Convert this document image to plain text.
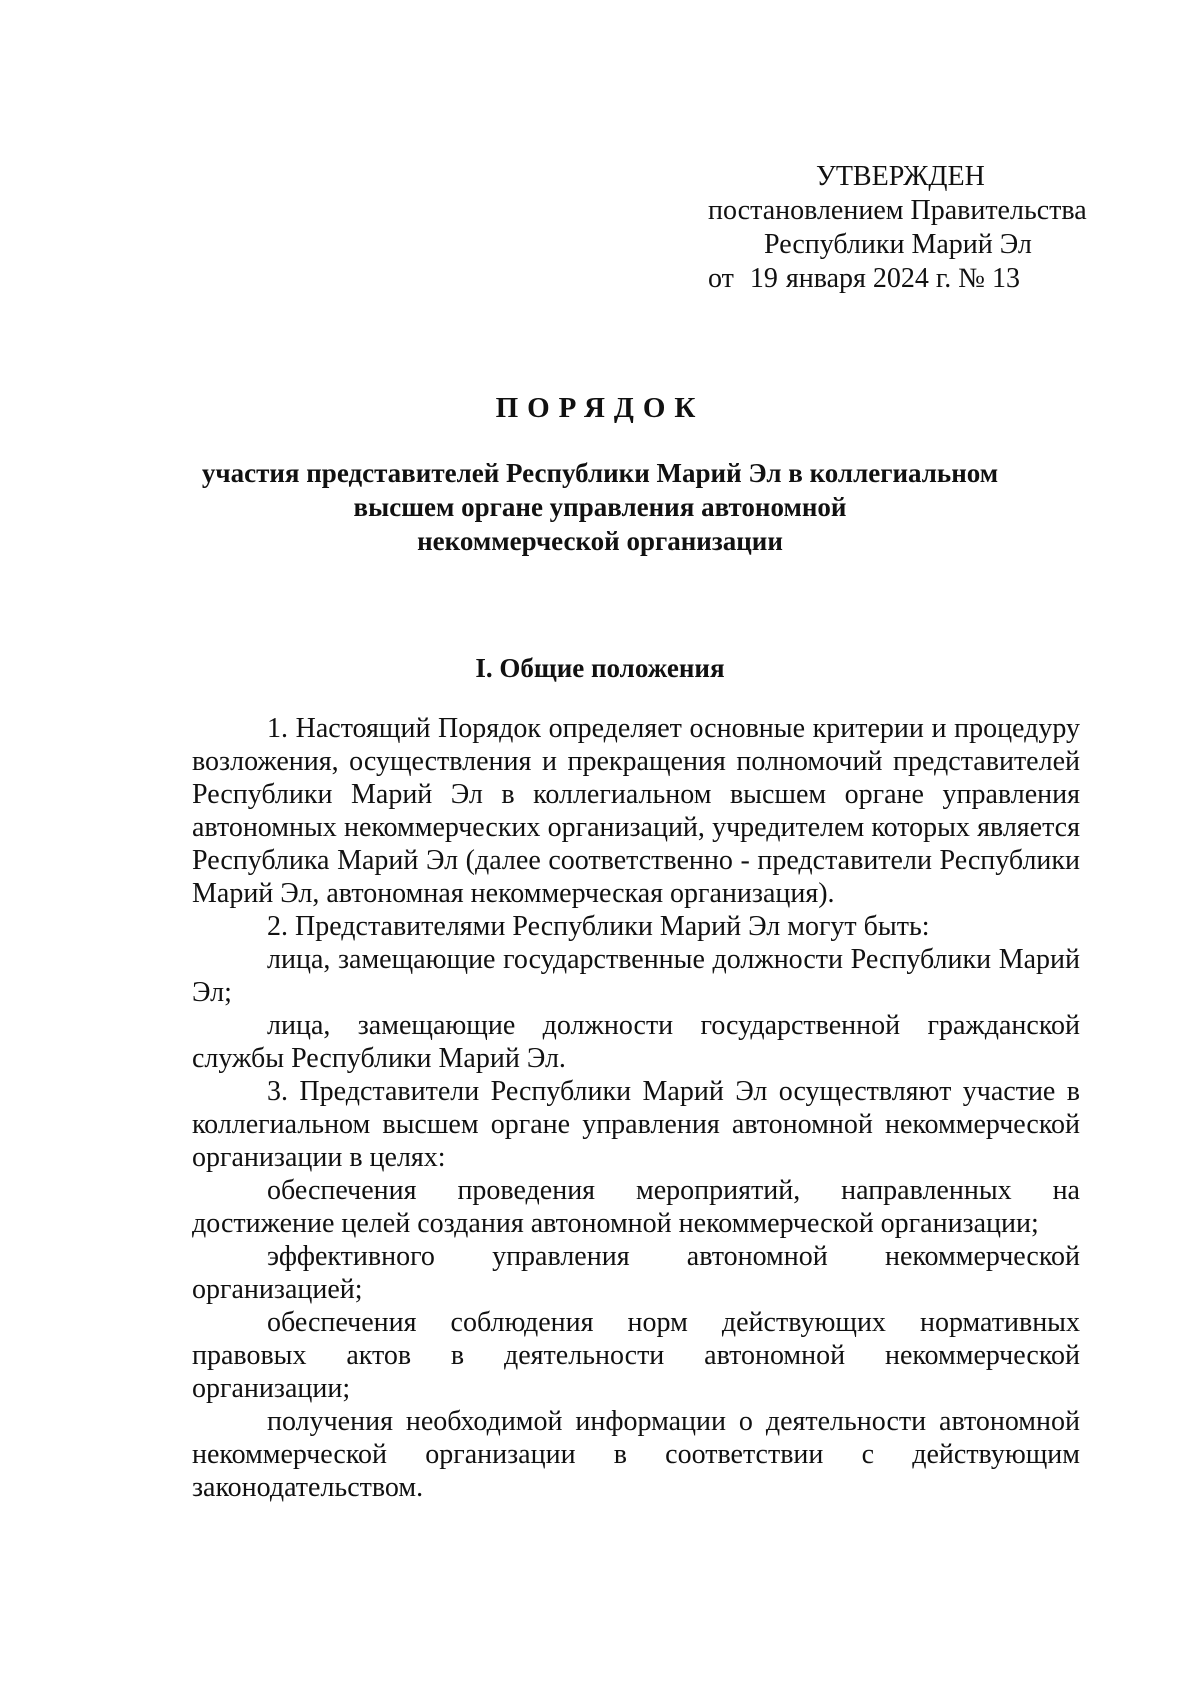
УТВЕРЖДЕН
постановлением Правительства
Республики Марий Эл
от 19 января 2024 г. № 13
ПОРЯДОК
участия представителей Республики Марий Эл в коллегиальном
высшем органе управления автономной
некоммерческой организации
I. Общие положения

1. Настоящий Порядок определяет основные критерии и процедуру возложения, осуществления и прекращения полномочий представителей Республики Марий Эл в коллегиальном высшем органе управления автономных некоммерческих организаций, учредителем которых является Республика Марий Эл (далее соответственно - представители Республики Марий Эл, автономная некоммерческая организация).

2. Представителями Республики Марий Эл могут быть:

лица, замещающие государственные должности Республики Марий Эл;

лица, замещающие должности государственной гражданской службы Республики Марий Эл.

3. Представители Республики Марий Эл осуществляют участие в коллегиальном высшем органе управления автономной некоммерческой организации в целях:

обеспечения проведения мероприятий, направленных на достижение целей создания автономной некоммерческой организации;

эффективного управления автономной некоммерческой организацией;

обеспечения соблюдения норм действующих нормативных правовых актов в деятельности автономной некоммерческой организации;

получения необходимой информации о деятельности автономной некоммерческой организации в соответствии с действующим законодательством.
